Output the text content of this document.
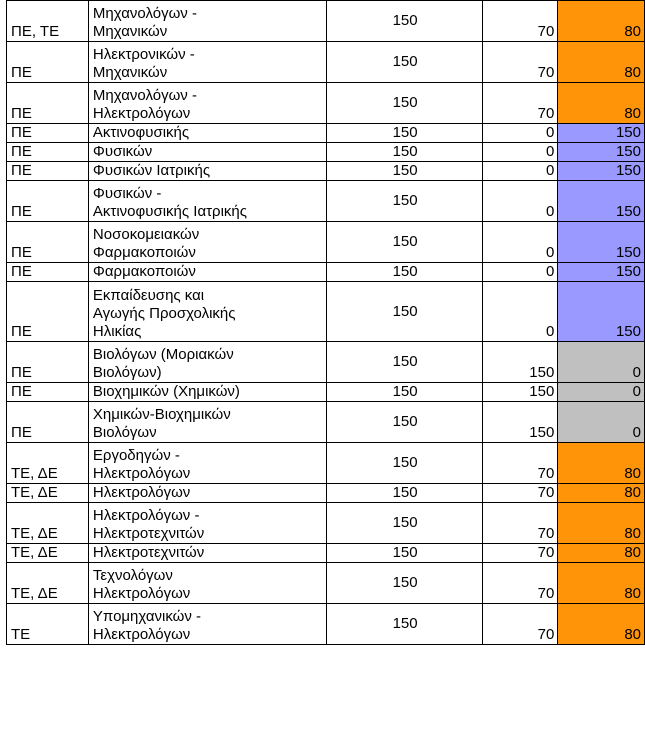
ΠΕ, ΤΕ	Μηχανολόγων -
Μηχανικών	150	70	80
ΠΕ	Ηλεκτρονικών -
Μηχανικών	150	70	80
ΠΕ	Μηχανολόγων -
Ηλεκτρολόγων	150	70	80
ΠΕ	Ακτινοφυσικής	150	0	150
ΠΕ	Φυσικών	150	0	150
ΠΕ	Φυσικών Ιατρικής	150	0	150
ΠΕ	Φυσικών -
Ακτινοφυσικής Ιατρικής	150	0	150
ΠΕ	Νοσοκομειακών
Φαρμακοποιών	150	0	150
ΠΕ	Φαρμακοποιών	150	0	150
ΠΕ	Εκπαίδευσης και
Αγωγής Προσχολικής
Ηλικίας	150	0	150
ΠΕ	Βιολόγων (Μοριακών
Βιολόγων)	150	150	0
ΠΕ	Βιοχημικών (Χημικών)	150	150	0
ΠΕ	Χημικών-Βιοχημικών
Βιολόγων	150	150	0
ΤΕ, ΔΕ	Εργοδηγών -
Ηλεκτρολόγων	150	70	80
ΤΕ, ΔΕ	Ηλεκτρολόγων	150	70	80
ΤΕ, ΔΕ	Ηλεκτρολόγων -
Ηλεκτροτεχνιτών	150	70	80
ΤΕ, ΔΕ	Ηλεκτροτεχνιτών	150	70	80
ΤΕ, ΔΕ	Τεχνολόγων
Ηλεκτρολόγων	150	70	80
ΤΕ	Υπομηχανικών -
Ηλεκτρολόγων	150	70	80
